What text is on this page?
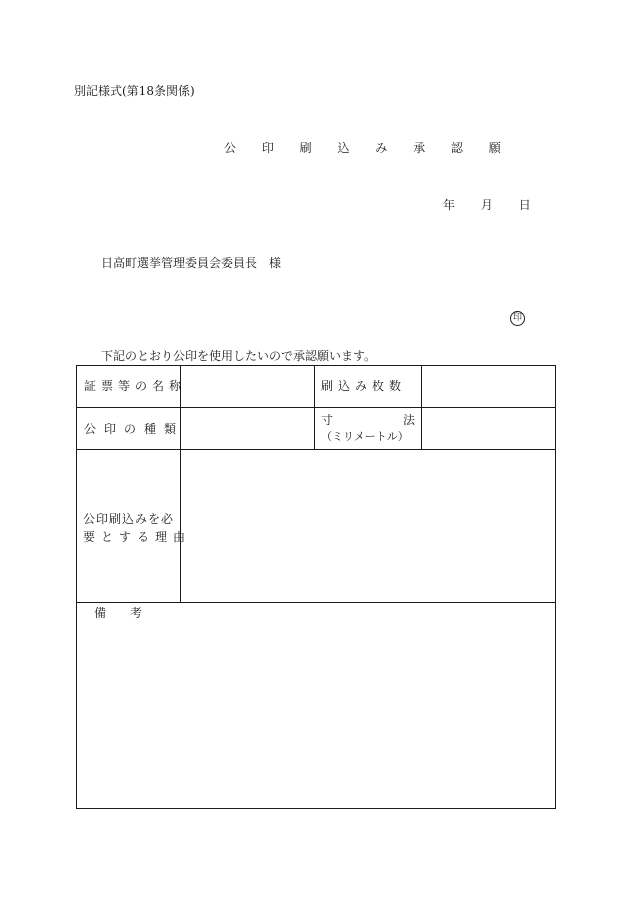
別記様式(第18条関係)
公 印 刷 込 み 承 認 願
年 月 日
日高町選挙管理委員会委員長　様
印
下記のとおり公印を使用したいので承認願います。
証票等の名称	刷込み枚数
公印の種類
寸	法
（ミリメートル）
公印刷込みを必
要とする理由
備　　考
